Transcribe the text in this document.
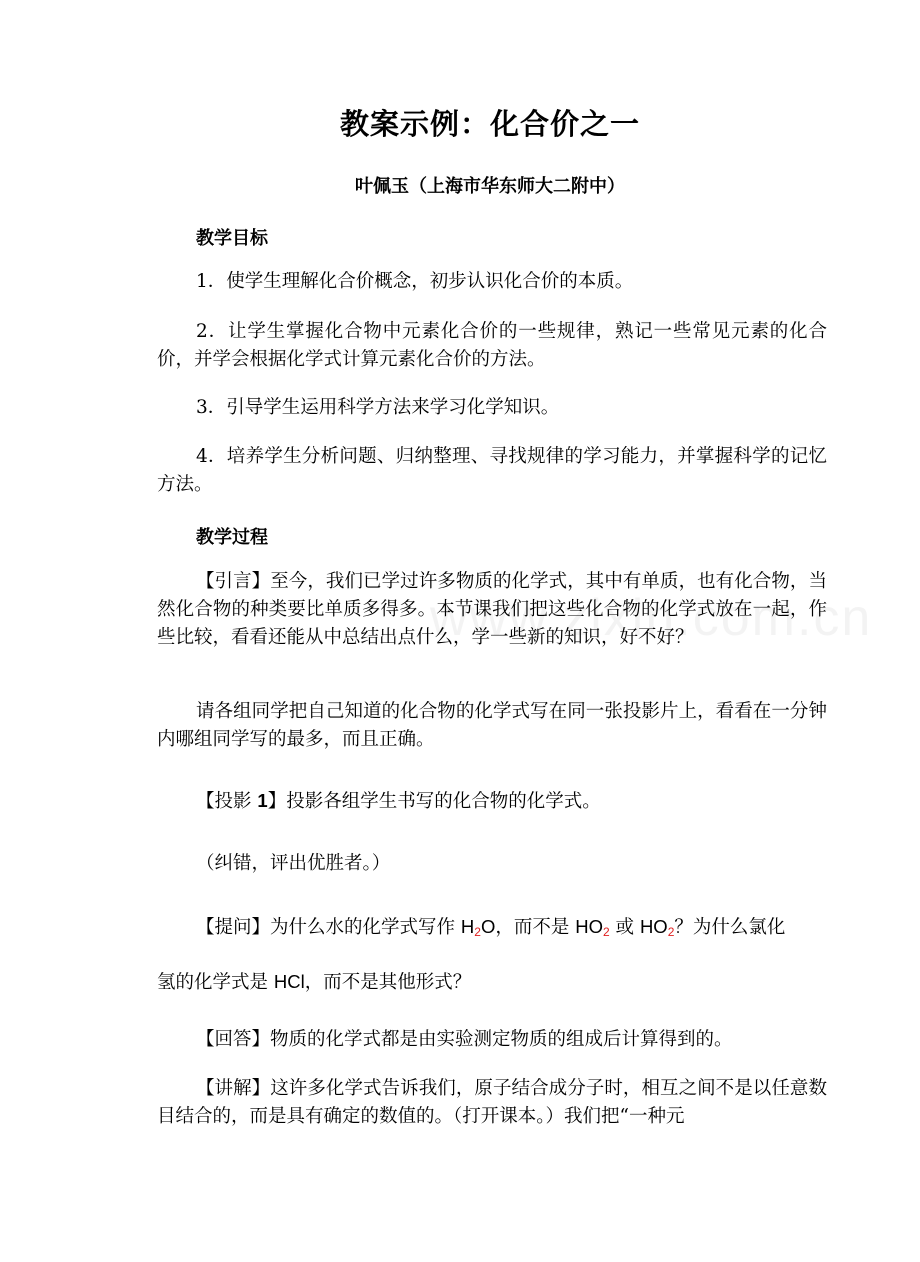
教案示例：化合价之一
叶佩玉（上海市华东师大二附中）
教学目标
1．使学生理解化合价概念，初步认识化合价的本质。
2．让学生掌握化合物中元素化合价的一些规律，熟记一些常见元素的化合价，并学会根据化学式计算元素化合价的方法。
3．引导学生运用科学方法来学习化学知识。
4．培养学生分析问题、归纳整理、寻找规律的学习能力，并掌握科学的记忆方法。
教学过程
【引言】至今，我们已学过许多物质的化学式，其中有单质，也有化合物，当然化合物的种类要比单质多得多。本节课我们把这些化合物的化学式放在一起，作些比较，看看还能从中总结出点什么，学一些新的知识，好不好？
请各组同学把自己知道的化合物的化学式写在同一张投影片上，看看在一分钟内哪组同学写的最多，而且正确。
【投影 1】投影各组学生书写的化合物的化学式。
（纠错，评出优胜者。）
【提问】为什么水的化学式写作 $H_2O$，而不是 $HO_2$ 或 $HO_2$？为什么氯化
氢的化学式是 HCl，而不是其他形式？
【回答】物质的化学式都是由实验测定物质的组成后计算得到的。
【讲解】这许多化学式告诉我们，原子结合成分子时，相互之间不是以任意数目结合的，而是具有确定的数值的。（打开课本。）我们把“一种元
